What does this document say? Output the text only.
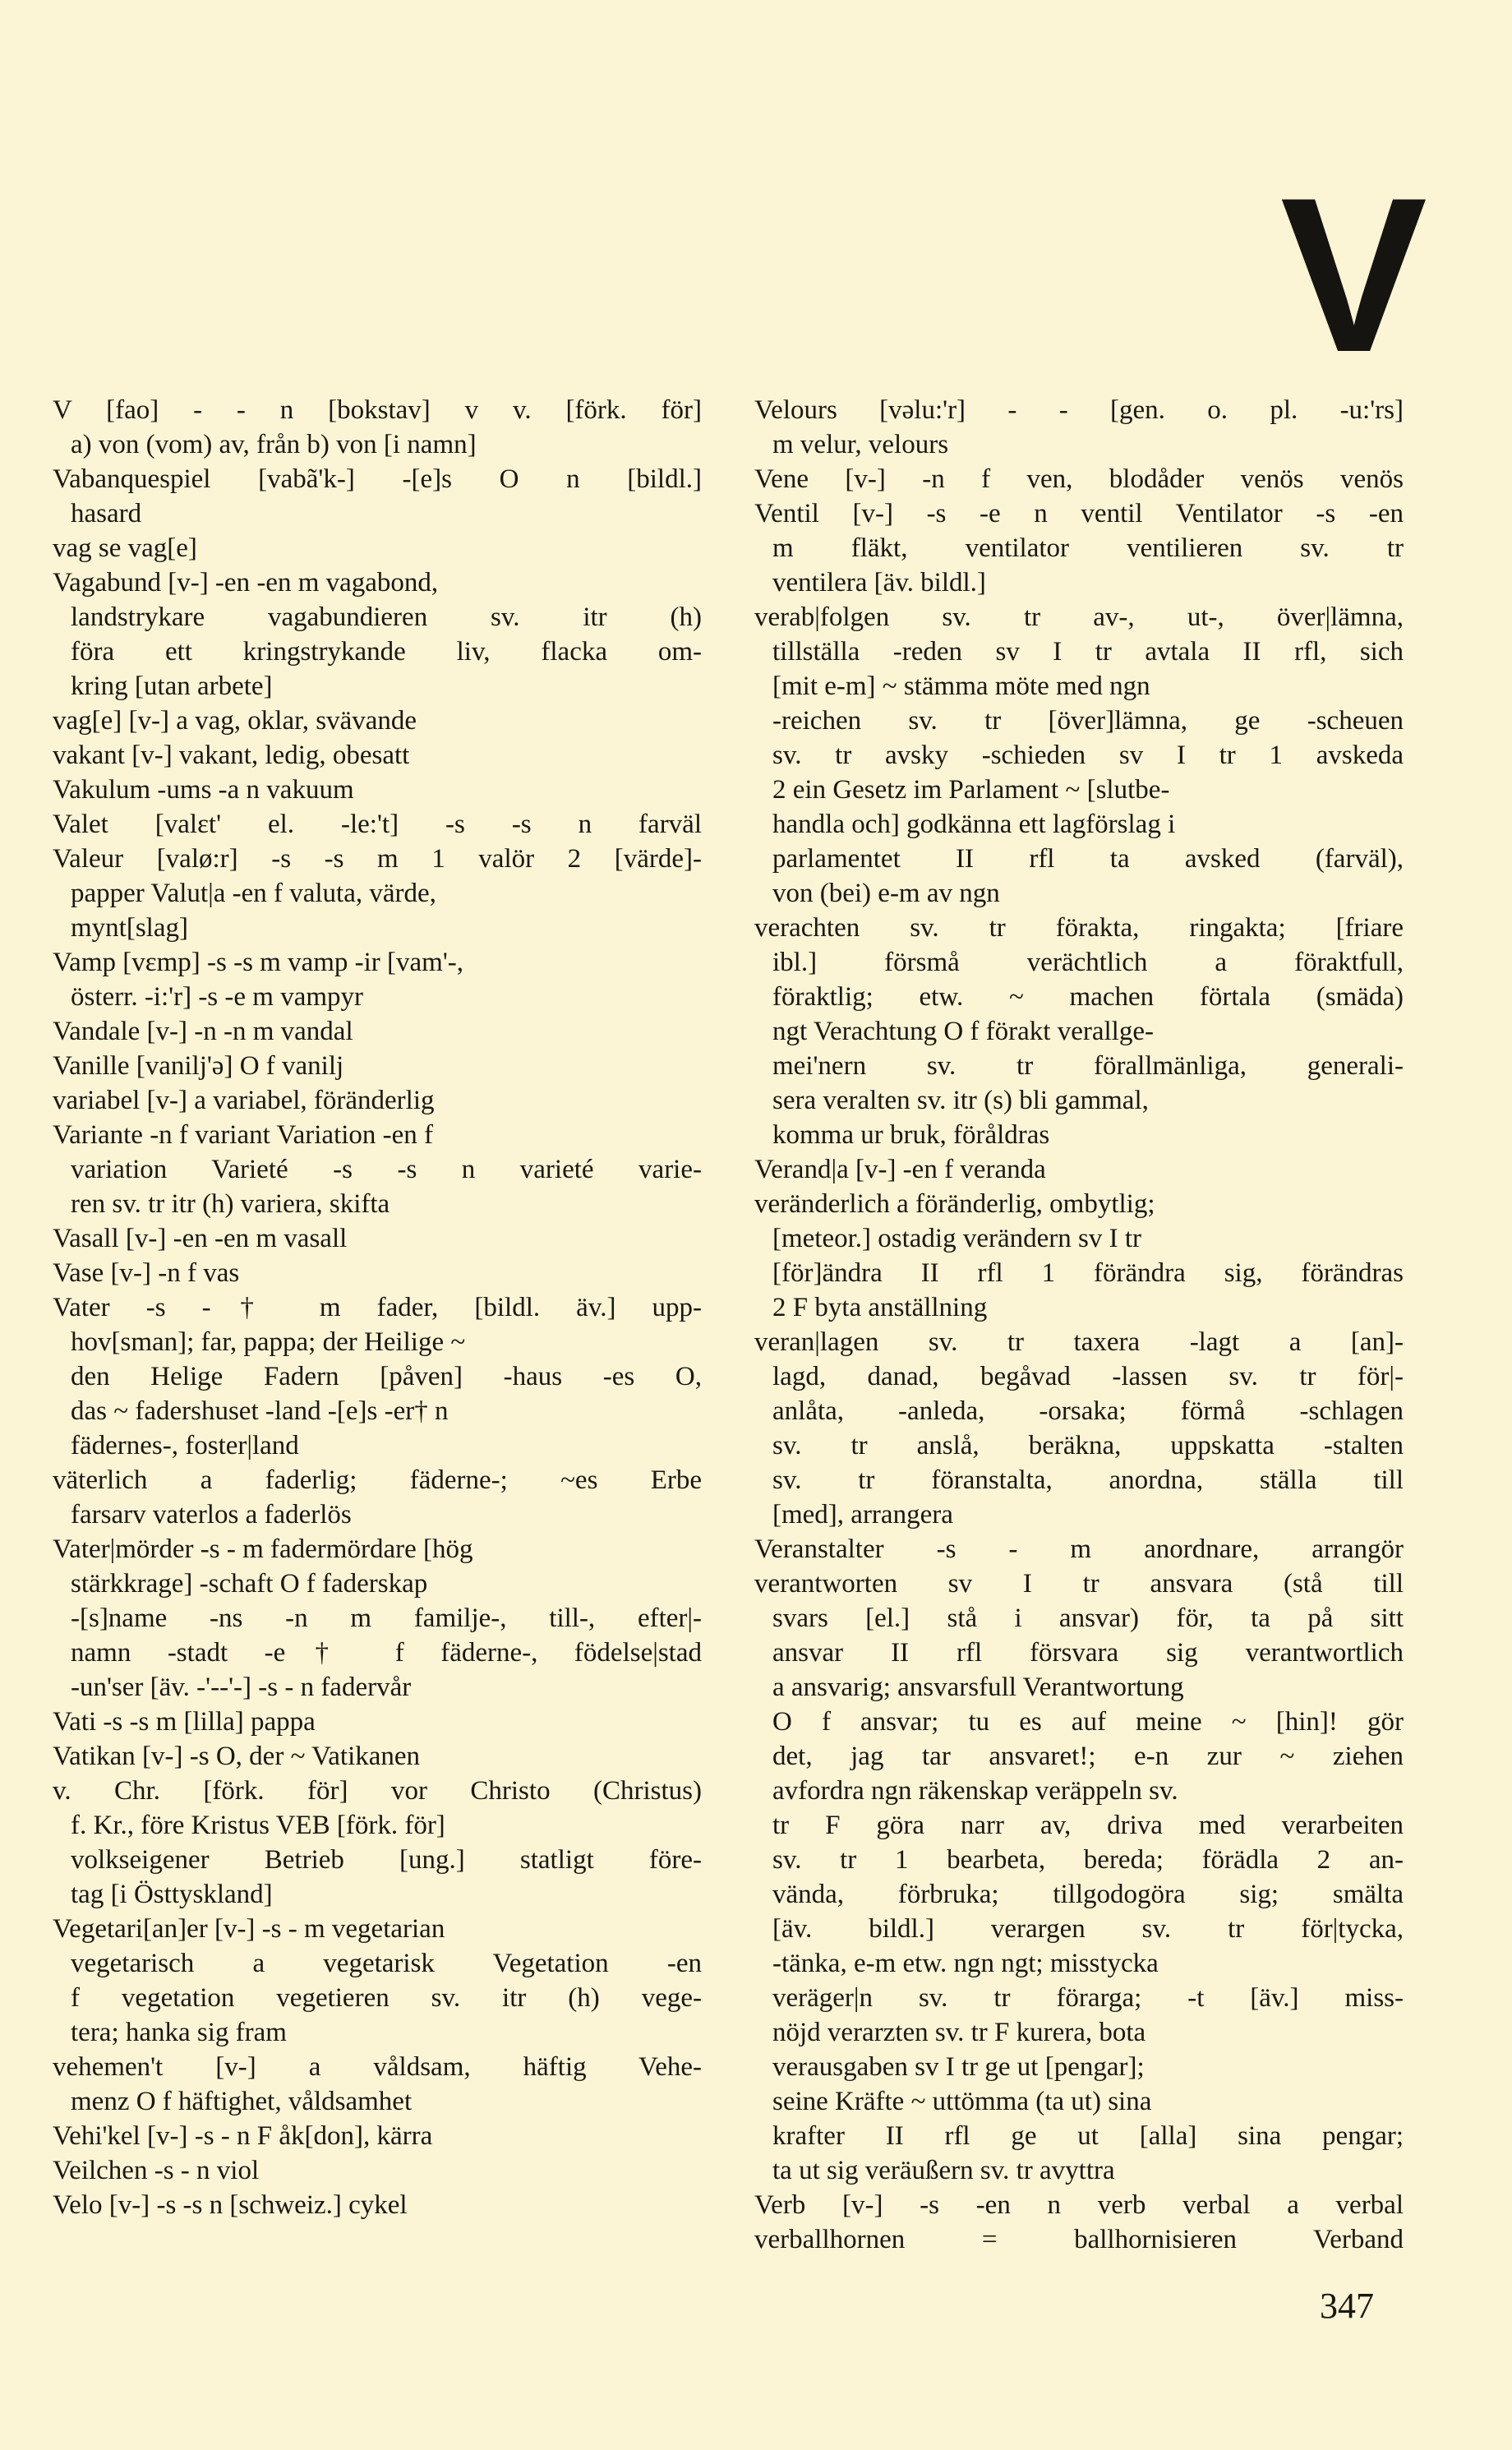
V
V [fao] - - n [bokstav] v v. [förk. för]
a) von (vom) av, från b) von [i namn]
Vabanquespiel [vabã'k-] -[e]s O n [bildl.]
hasard
vag se vag[e]
Vagabund [v-] -en -en m vagabond,
landstrykare vagabundieren sv. itr (h)
föra ett kringstrykande liv, flacka om-
kring [utan arbete]
vag[e] [v-] a vag, oklar, svävande
vakant [v-] vakant, ledig, obesatt
Vakulum -ums -a n vakuum
Valet [valɛt' el. -le:'t] -s -s n farväl
Valeur [valø:r] -s -s m 1 valör 2 [värde]-
papper Valut|a -en f valuta, värde,
mynt[slag]
Vamp [vɛmp] -s -s m vamp -ir [vam'-,
österr. -i:'r] -s -e m vampyr
Vandale [v-] -n -n m vandal
Vanille [vanilj'ə] O f vanilj
variabel [v-] a variabel, föränderlig
Variante -n f variant Variation -en f
variation Varieté -s -s n varieté varie-
ren sv. tr itr (h) variera, skifta
Vasall [v-] -en -en m vasall
Vase [v-] -n f vas
Vater -s -† m fader, [bildl. äv.] upp-
hov[sman]; far, pappa; der Heilige ~
den Helige Fadern [påven] -haus -es O,
das ~ fadershuset -land -[e]s -er† n
fädernes-, foster|land
väterlich a faderlig; fäderne-; ~es Erbe
farsarv vaterlos a faderlös
Vater|mörder -s - m fadermördare [hög
stärkkrage] -schaft O f faderskap
-[s]name -ns -n m familje-, till-, efter|-
namn -stadt -e† f fäderne-, födelse|stad
-un'ser [äv. -'--'-] -s - n fadervår
Vati -s -s m [lilla] pappa
Vatikan [v-] -s O, der ~ Vatikanen
v. Chr. [förk. för] vor Christo (Christus)
f. Kr., före Kristus VEB [förk. för]
volkseigener Betrieb [ung.] statligt före-
tag [i Östtyskland]
Vegetari[an]er [v-] -s - m vegetarian
vegetarisch a vegetarisk Vegetation -en
f vegetation vegetieren sv. itr (h) vege-
tera; hanka sig fram
vehemen't [v-] a våldsam, häftig Vehe-
menz O f häftighet, våldsamhet
Vehi'kel [v-] -s - n F åk[don], kärra
Veilchen -s - n viol
Velo [v-] -s -s n [schweiz.] cykel
Velours [vəlu:'r] - - [gen. o. pl. -u:'rs]
m velur, velours
Vene [v-] -n f ven, blodåder venös venös
Ventil [v-] -s -e n ventil Ventilator -s -en
m fläkt, ventilator ventilieren sv. tr
ventilera [äv. bildl.]
verab|folgen sv. tr av-, ut-, över|lämna,
tillställa -reden sv I tr avtala II rfl, sich
[mit e-m] ~ stämma möte med ngn
-reichen sv. tr [över]lämna, ge -scheuen
sv. tr avsky -schieden sv I tr 1 avskeda
2 ein Gesetz im Parlament ~ [slutbe-
handla och] godkänna ett lagförslag i
parlamentet II rfl ta avsked (farväl),
von (bei) e-m av ngn
verachten sv. tr förakta, ringakta; [friare
ibl.] försmå verächtlich a föraktfull,
föraktlig; etw. ~ machen förtala (smäda)
ngt Verachtung O f förakt verallge-
mei'nern sv. tr förallmänliga, generali-
sera veralten sv. itr (s) bli gammal,
komma ur bruk, föråldras
Verand|a [v-] -en f veranda
veränderlich a föränderlig, ombytlig;
[meteor.] ostadig verändern sv I tr
[för]ändra II rfl 1 förändra sig, förändras
2 F byta anställning
veran|lagen sv. tr taxera -lagt a [an]-
lagd, danad, begåvad -lassen sv. tr för|-
anlåta, -anleda, -orsaka; förmå -schlagen
sv. tr anslå, beräkna, uppskatta -stalten
sv. tr föranstalta, anordna, ställa till
[med], arrangera
Veranstalter -s - m anordnare, arrangör
verantworten sv I tr ansvara (stå till
svars [el.] stå i ansvar) för, ta på sitt
ansvar II rfl försvara sig verantwortlich
a ansvarig; ansvarsfull Verantwortung
O f ansvar; tu es auf meine ~ [hin]! gör
det, jag tar ansvaret!; e-n zur ~ ziehen
avfordra ngn räkenskap veräppeln sv.
tr F göra narr av, driva med verarbeiten
sv. tr 1 bearbeta, bereda; förädla 2 an-
vända, förbruka; tillgodogöra sig; smälta
[äv. bildl.] verargen sv. tr för|tycka,
-tänka, e-m etw. ngn ngt; misstycka
veräger|n sv. tr förarga; -t [äv.] miss-
nöjd verarzten sv. tr F kurera, bota
verausgaben sv I tr ge ut [pengar];
seine Kräfte ~ uttömma (ta ut) sina
krafter II rfl ge ut [alla] sina pengar;
ta ut sig veräußern sv. tr avyttra
Verb [v-] -s -en n verb verbal a verbal
verballhornen = ballhornisieren Verband
347
